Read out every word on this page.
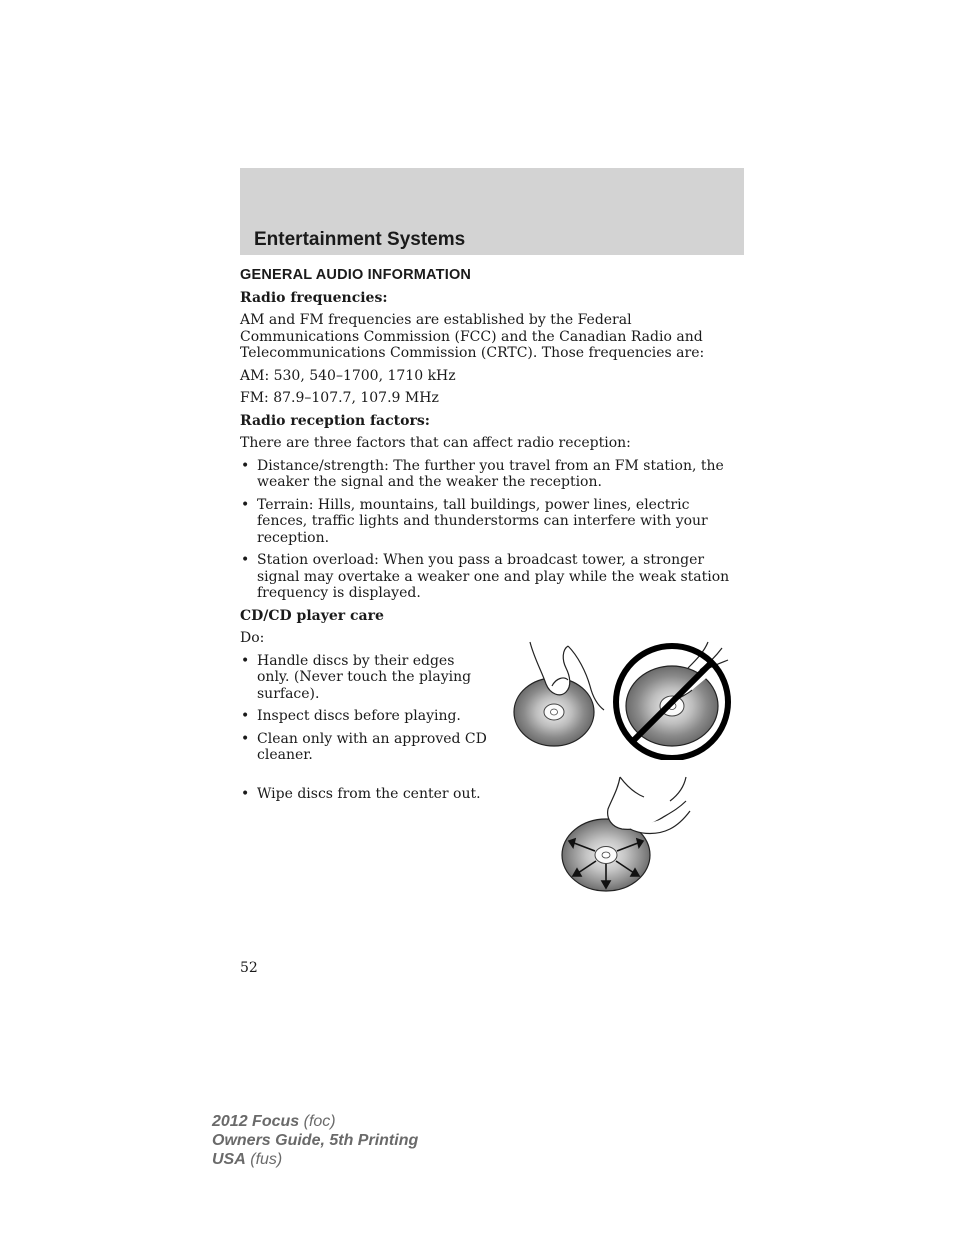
Entertainment Systems
GENERAL AUDIO INFORMATION
Radio frequencies:

AM and FM frequencies are established by the Federal Communications Commission (FCC) and the Canadian Radio and Telecommunications Commission (CRTC). Those frequencies are:

AM: 530, 540–1700, 1710 kHz

FM: 87.9–107.7, 107.9 MHz

Radio reception factors:

There are three factors that can affect radio reception:

• Distance/strength: The further you travel from an FM station, the weaker the signal and the weaker the reception.
• Terrain: Hills, mountains, tall buildings, power lines, electric fences, traffic lights and thunderstorms can interfere with your reception.
• Station overload: When you pass a broadcast tower, a stronger signal may overtake a weaker one and play while the weak station frequency is displayed.
CD/CD player care

Do:

• Handle discs by their edges only. (Never touch the playing surface).
• Inspect discs before playing.
• Clean only with an approved CD cleaner.
• Wipe discs from the center out.
52
2012 Focus (foc)
Owners Guide, 5th Printing
USA (fus)
